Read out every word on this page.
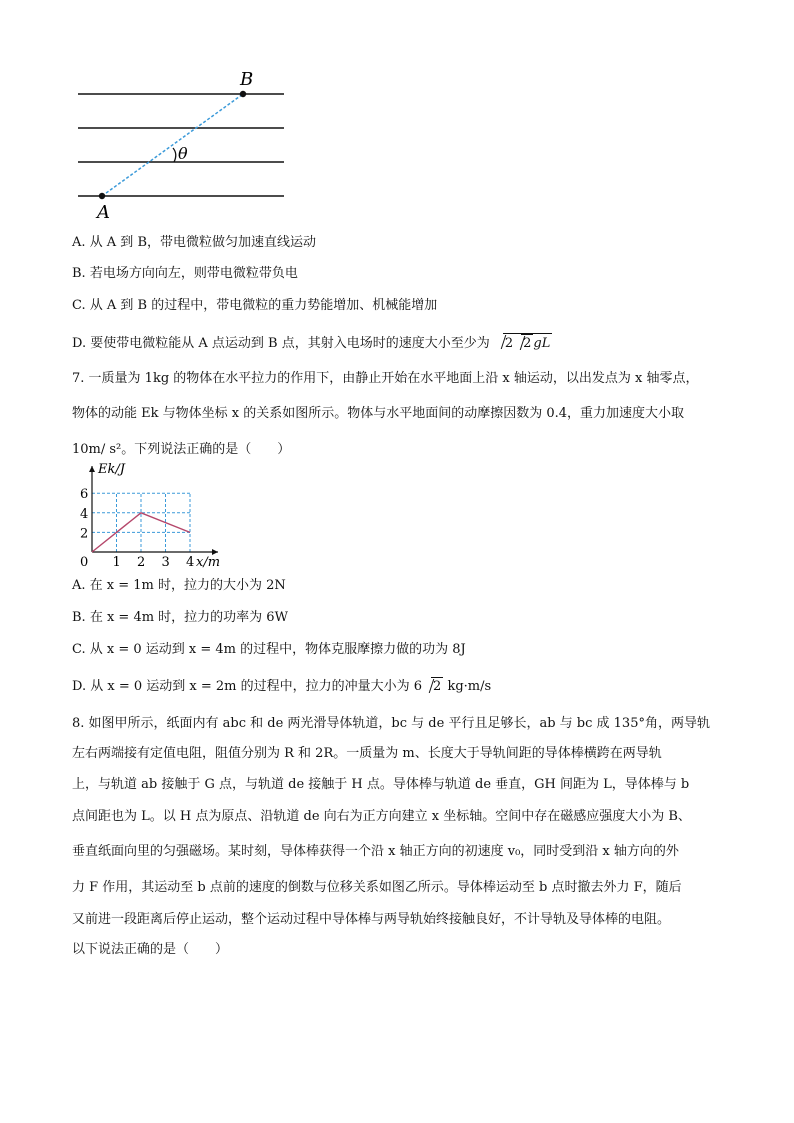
A
B
θ
A. 从 A 到 B，带电微粒做匀加速直线运动
B. 若电场方向向左，则带电微粒带负电
C. 从 A 到 B 的过程中，带电微粒的重力势能增加、机械能增加
D. 要使带电微粒能从 A 点运动到 B 点，其射入电场时的速度大小至少为 2 2 gL
7. 一质量为 1kg 的物体在水平拉力的作用下，由静止开始在水平地面上沿 x 轴运动，以出发点为 x 轴零点，
物体的动能 Ek 与物体坐标 x 的关系如图所示。物体与水平地面间的动摩擦因数为 0.4，重力加速度大小取
10m/ s²。下列说法正确的是（　　）
1 2 3 4
2
4
6
0
Ek/J
x/m
A. 在 x = 1m 时，拉力的大小为 2N
B. 在 x = 4m 时，拉力的功率为 6W
C. 从 x = 0 运动到 x = 4m 的过程中，物体克服摩擦力做的功为 8J
D. 从 x = 0 运动到 x = 2m 的过程中，拉力的冲量大小为 6 2 kg·m/s
8. 如图甲所示，纸面内有 abc 和 de 两光滑导体轨道，bc 与 de 平行且足够长，ab 与 bc 成 135°角，两导轨
左右两端接有定值电阻，阻值分别为 R 和 2R。一质量为 m、长度大于导轨间距的导体棒横跨在两导轨
上，与轨道 ab 接触于 G 点，与轨道 de 接触于 H 点。导体棒与轨道 de 垂直，GH 间距为 L，导体棒与 b
点间距也为 L。以 H 点为原点、沿轨道 de 向右为正方向建立 x 坐标轴。空间中存在磁感应强度大小为 B、
垂直纸面向里的匀强磁场。某时刻，导体棒获得一个沿 x 轴正方向的初速度 v₀，同时受到沿 x 轴方向的外
力 F 作用，其运动至 b 点前的速度的倒数与位移关系如图乙所示。导体棒运动至 b 点时撤去外力 F，随后
又前进一段距离后停止运动，整个运动过程中导体棒与两导轨始终接触良好，不计导轨及导体棒的电阻。
以下说法正确的是（　　）
